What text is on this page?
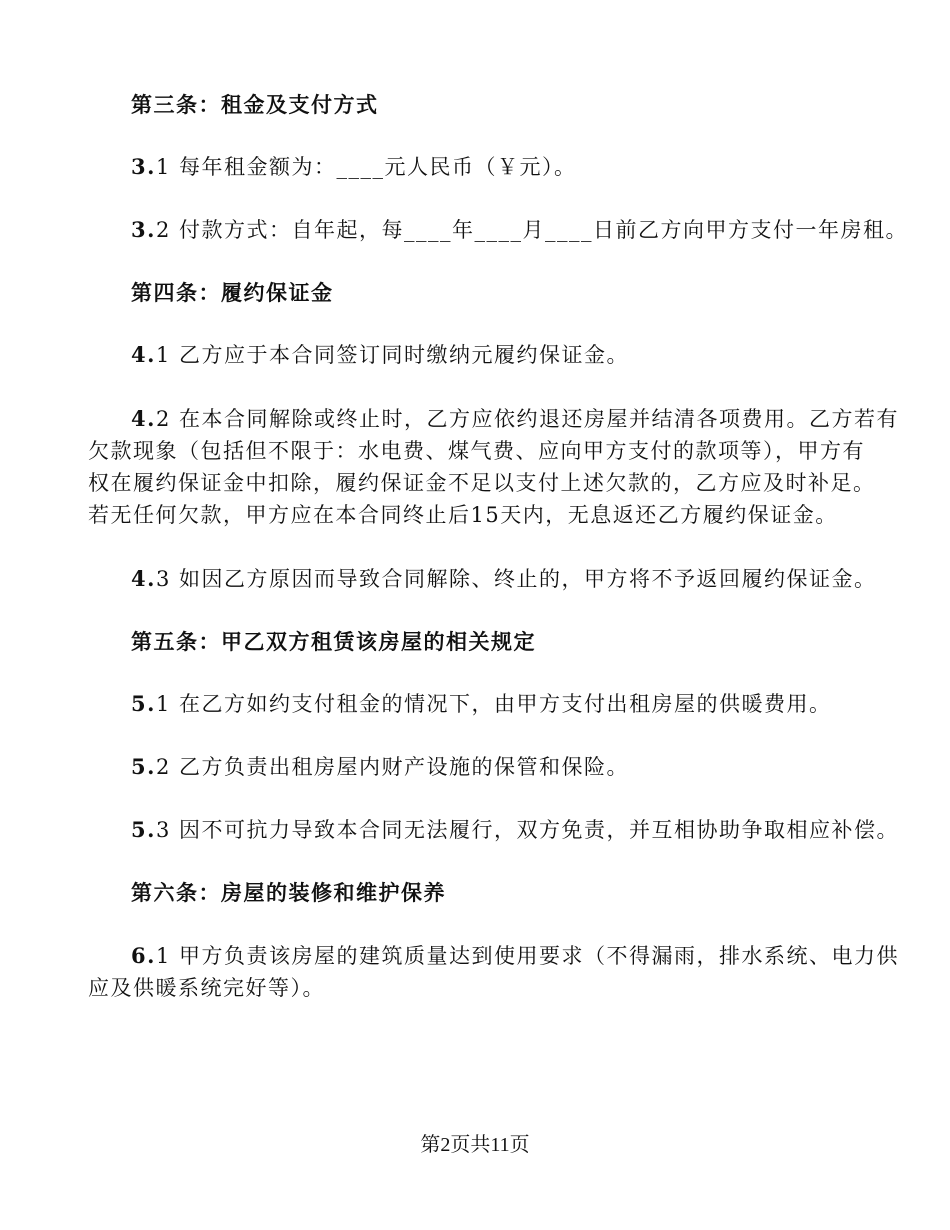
第三条：租金及支付方式
3.1 每年租金额为：____元人民币（￥元）。
3.2 付款方式：自年起，每____年____月____日前乙方向甲方支付一年房租。
第四条：履约保证金
4.1 乙方应于本合同签订同时缴纳元履约保证金。
4.2 在本合同解除或终止时，乙方应依约退还房屋并结清各项费用。乙方若有
欠款现象（包括但不限于：水电费、煤气费、应向甲方支付的款项等），甲方有
权在履约保证金中扣除，履约保证金不足以支付上述欠款的，乙方应及时补足。
若无任何欠款，甲方应在本合同终止后15天内，无息返还乙方履约保证金。
4.3 如因乙方原因而导致合同解除、终止的，甲方将不予返回履约保证金。
第五条：甲乙双方租赁该房屋的相关规定
5.1 在乙方如约支付租金的情况下，由甲方支付出租房屋的供暖费用。
5.2 乙方负责出租房屋内财产设施的保管和保险。
5.3 因不可抗力导致本合同无法履行，双方免责，并互相协助争取相应补偿。
第六条：房屋的装修和维护保养
6.1 甲方负责该房屋的建筑质量达到使用要求（不得漏雨，排水系统、电力供
应及供暖系统完好等）。
第2页共11页
